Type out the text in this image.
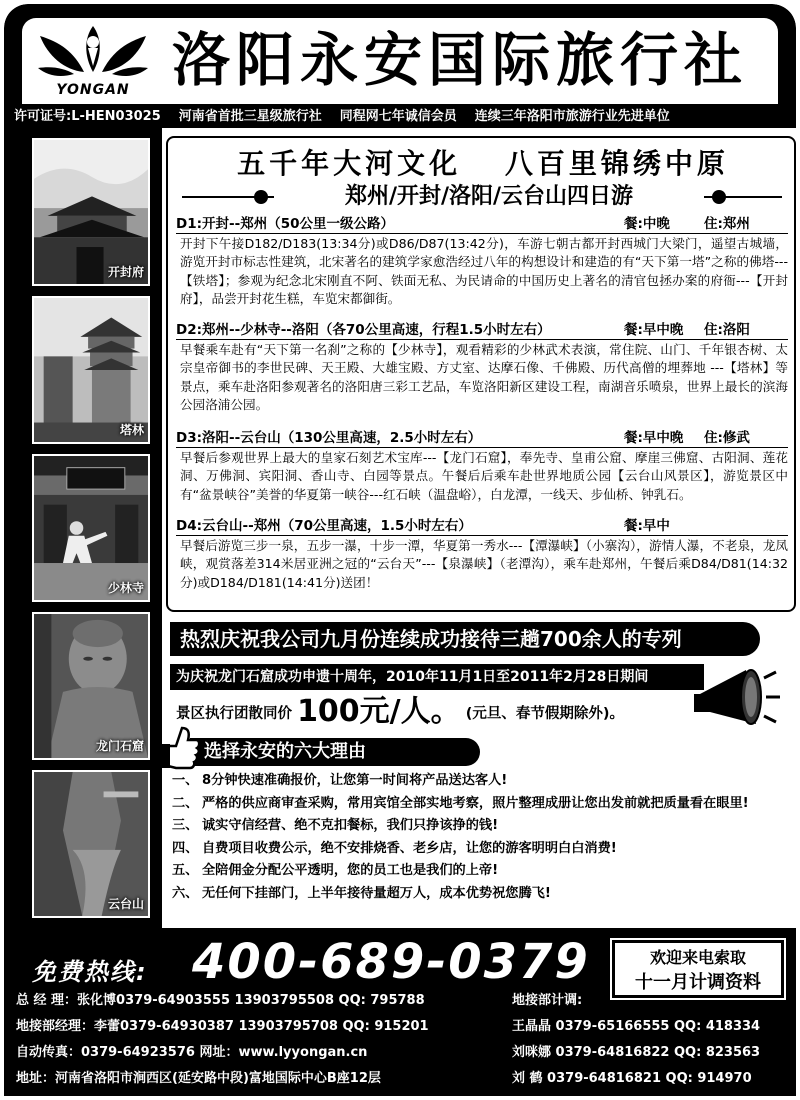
YONGAN 洛阳永安国际旅行社
许可证号:L-HEN03025 河南省首批三星级旅行社 同程网七年诚信会员 连续三年洛阳市旅游行业先进单位
开封府
塔林
少林寺
龙门石窟
云台山
五千年大河文化 八百里锦绣中原
郑州/开封/洛阳/云台山四日游
D1:开封--郑州（50公里一级公路）	餐:中晚	住:郑州
开封下午接D182/D183(13:34分)或D86/D87(13:42分)，车游七朝古都开封西城门大梁门，遥望古城墙，游览开封市标志性建筑，北宋著名的建筑学家愈浩经过八年的构想设计和建造的有“天下第一塔”之称的佛塔---【铁塔】；参观为纪念北宋刚直不阿、铁面无私、为民请命的中国历史上著名的清官包拯办案的府衙---【开封府】，品尝开封花生糕，车览宋都御街。
D2:郑州--少林寺--洛阳（各70公里高速，行程1.5小时左右）	餐:早中晚 住:洛阳
早餐乘车赴有“天下第一名刹”之称的【少林寺】，观看精彩的少林武术表演，常住院、山门、千年银杏树、太宗皇帝御书的李世民碑、天王殿、大雄宝殿、方丈室、达摩石像、千佛殿、历代高僧的埋葬地 ---【塔林】等景点，乘车赴洛阳参观著名的洛阳唐三彩工艺品，车览洛阳新区建设工程，南湖音乐喷泉，世界上最长的滨海公园洛浦公园。
D3:洛阳--云台山（130公里高速，2.5小时左右）	餐:早中晚 住:修武
早餐后参观世界上最大的皇家石刻艺术宝库---【龙门石窟】，奉先寺、皇甫公窟、摩崖三佛窟、古阳洞、莲花洞、万佛洞、宾阳洞、香山寺、白园等景点。午餐后后乘车赴世界地质公园【云台山风景区】，游览景区中有“盆景峡谷”美誉的华夏第一峡谷---红石峡（温盘峪），白龙潭，一线天、步仙桥、钟乳石。
D4:云台山--郑州（70公里高速，1.5小时左右）	餐:早中
早餐后游览三步一泉，五步一瀑，十步一潭，华夏第一秀水---【潭瀑峡】（小寨沟），游情人瀑，不老泉，龙凤峡，观赏落差314米居亚洲之冠的“云台天”---【泉瀑峡】（老潭沟），乘车赴郑州，午餐后乘D84/D81(14:32分)或D184/D181(14:41分)送团！
热烈庆祝我公司九月份连续成功接待三趟700余人的专列
为庆祝龙门石窟成功申遗十周年，2010年11月1日至2011年2月28日期间
景区执行团散同价 100元/人。 (元旦、春节假期除外)。
选择永安的六大理由
一、 8分钟快速准确报价，让您第一时间将产品送达客人!
二、 严格的供应商审查采购，常用宾馆全部实地考察，照片整理成册让您出发前就把质量看在眼里!
三、 诚实守信经营、绝不克扣餐标，我们只挣该挣的钱!
四、 自费项目收费公示，绝不安排烧香、老乡店，让您的游客明明白白消费!
五、 全陪佣金分配公平透明，您的员工也是我们的上帝!
六、 无任何下挂部门，上半年接待量超万人，成本优势祝您腾飞!
免费热线: 400-689-0379	欢迎来电索取
十一月计调资料
总 经 理：张化博0379-64903555 13903795508 QQ: 795788
地接部经理：李蕾0379-64930387 13903795708 QQ: 915201
自动传真：0379-64923576 网址：www.lyyongan.cn
地址：河南省洛阳市涧西区(延安路中段)富地国际中心B座12层
地接部计调:
王晶晶 0379-65166555 QQ: 418334
刘咪娜 0379-64816822 QQ: 823563
刘 鹤 0379-64816821 QQ: 914970
